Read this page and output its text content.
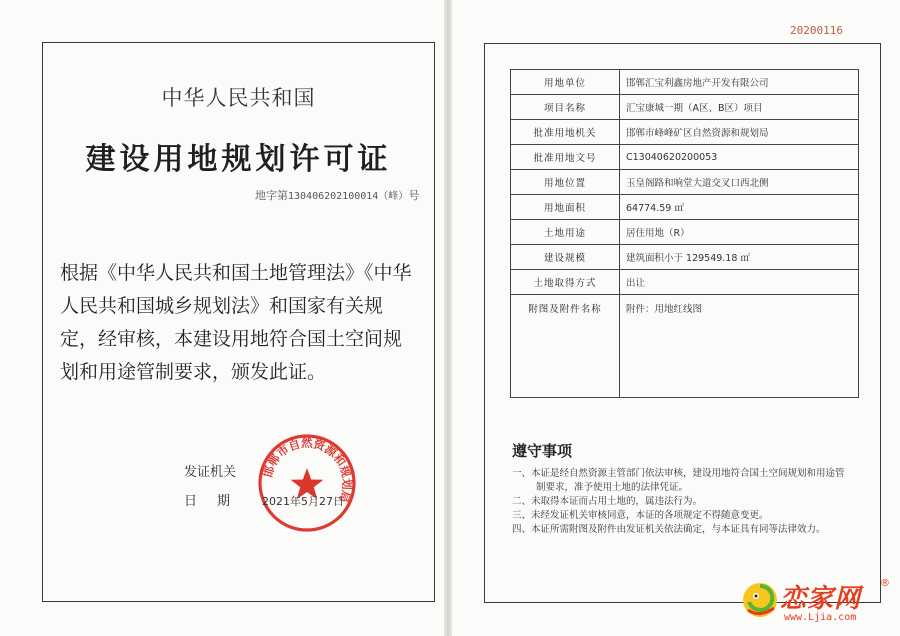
中华人民共和国
建设用地规划许可证
地字第130406202100014（峰）号
根据《中华人民共和国土地管理法》《中华人民共和国城乡规划法》和国家有关规定，经审核，本建设用地符合国土空间规划和用途管制要求，颁发此证。
发证机关
日期
邯郸市自然资源和规划局
2021年5月27日
20200116
用地单位	邯郸汇宝利鑫房地产开发有限公司
项目名称	汇宝康城一期（A区、B区）项目
批准用地机关	邯郸市峰峰矿区自然资源和规划局
批准用地文号	C13040620200053
用地位置	玉皇阁路和响堂大道交叉口西北侧
用地面积	64774.59 ㎡
土地用途	居住用地（R）
建设规模	建筑面积小于 129549.18 ㎡
土地取得方式	出让
附图及附件名称	附件：用地红线图
遵守事项

一、本证是经自然资源主管部门依法审核，建设用地符合国土空间规划和用途管制要求，准予使用土地的法律凭证。

二、未取得本证而占用土地的，属违法行为。

三、未经发证机关审核同意，本证的各项规定不得随意变更。

四、本证所需附图及附件由发证机关依法确定，与本证具有同等法律效力。

恋家网
®
www.Ljia.com
